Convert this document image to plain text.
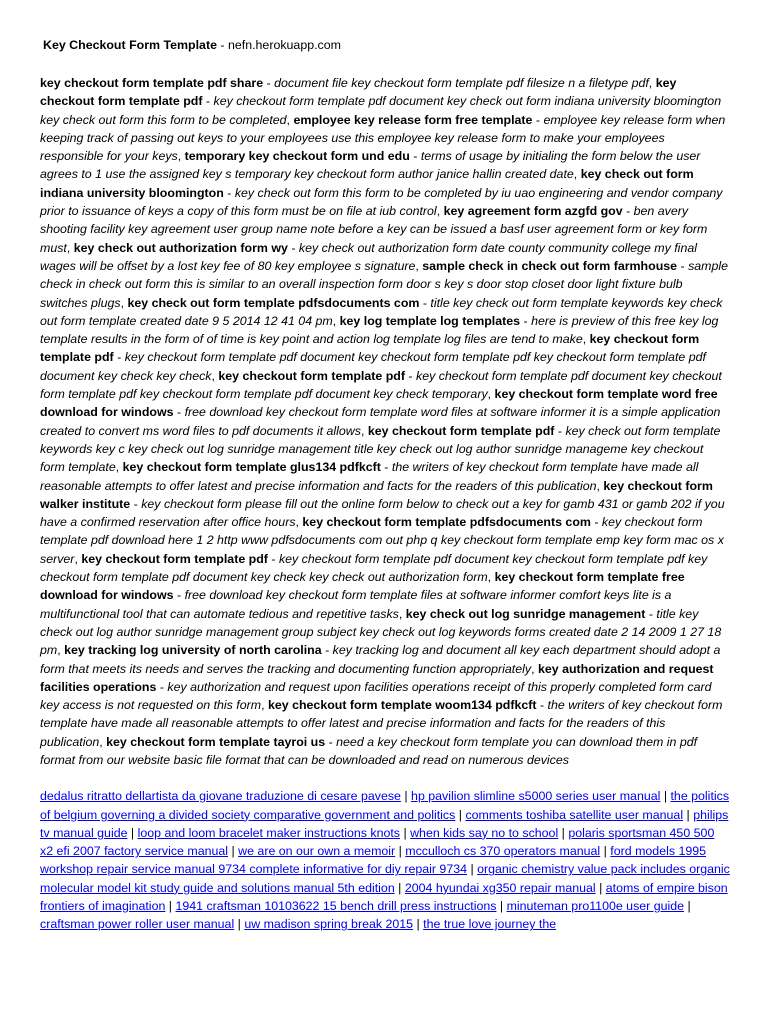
Key Checkout Form Template - nefn.herokuapp.com

key checkout form template pdf share - document file key checkout form template pdf filesize n a filetype pdf, key checkout form template pdf - key checkout form template pdf document key check out form indiana university bloomington key check out form this form to be completed, employee key release form free template - employee key release form when keeping track of passing out keys to your employees use this employee key release form to make your employees responsible for your keys, temporary key checkout form und edu - terms of usage by initialing the form below the user agrees to 1 use the assigned key s temporary key checkout form author janice hallin created date, key check out form indiana university bloomington - key check out form this form to be completed by iu uao engineering and vendor company prior to issuance of keys a copy of this form must be on file at iub control, key agreement form azgfd gov - ben avery shooting facility key agreement user group name note before a key can be issued a basf user agreement form or key form must, key check out authorization form wy - key check out authorization form date county community college my final wages will be offset by a lost key fee of 80 key employee s signature, sample check in check out form farmhouse - sample check in check out form this is similar to an overall inspection form door s key s door stop closet door light fixture bulb switches plugs, key check out form template pdfsdocuments com - title key check out form template keywords key check out form template created date 9 5 2014 12 41 04 pm, key log template log templates - here is preview of this free key log template results in the form of of time is key point and action log template log files are tend to make, key checkout form template pdf - key checkout form template pdf document key checkout form template pdf key checkout form template pdf document key check key check, key checkout form template pdf - key checkout form template pdf document key checkout form template pdf key checkout form template pdf document key check temporary, key checkout form template word free download for windows - free download key checkout form template word files at software informer it is a simple application created to convert ms word files to pdf documents it allows, key checkout form template pdf - key check out form template keywords key c key check out log sunridge management title key check out log author sunridge manageme key checkout form template, key checkout form template glus134 pdfkcft - the writers of key checkout form template have made all reasonable attempts to offer latest and precise information and facts for the readers of this publication, key checkout form walker institute - key checkout form please fill out the online form below to check out a key for gamb 431 or gamb 202 if you have a confirmed reservation after office hours, key checkout form template pdfsdocuments com - key checkout form template pdf download here 1 2 http www pdfsdocuments com out php q key checkout form template emp key form mac os x server, key checkout form template pdf - key checkout form template pdf document key checkout form template pdf key checkout form template pdf document key check key check out authorization form, key checkout form template free download for windows - free download key checkout form template files at software informer comfort keys lite is a multifunctional tool that can automate tedious and repetitive tasks, key check out log sunridge management - title key check out log author sunridge management group subject key check out log keywords forms created date 2 14 2009 1 27 18 pm, key tracking log university of north carolina - key tracking log and document all key each department should adopt a form that meets its needs and serves the tracking and documenting function appropriately, key authorization and request facilities operations - key authorization and request upon facilities operations receipt of this properly completed form card key access is not requested on this form, key checkout form template woom134 pdfkcft - the writers of key checkout form template have made all reasonable attempts to offer latest and precise information and facts for the readers of this publication, key checkout form template tayroi us - need a key checkout form template you can download them in pdf format from our website basic file format that can be downloaded and read on numerous devices

dedalus ritratto dellartista da giovane traduzione di cesare pavese | hp pavilion slimline s5000 series user manual | the politics of belgium governing a divided society comparative government and politics | comments toshiba satellite user manual | philips tv manual guide | loop and loom bracelet maker instructions knots | when kids say no to school | polaris sportsman 450 500 x2 efi 2007 factory service manual | we are on our own a memoir | mcculloch cs 370 operators manual | ford models 1995 workshop repair service manual 9734 complete informative for diy repair 9734 | organic chemistry value pack includes organic molecular model kit study guide and solutions manual 5th edition | 2004 hyundai xg350 repair manual | atoms of empire bison frontiers of imagination | 1941 craftsman 10103622 15 bench drill press instructions | minuteman pro1100e user guide | craftsman power roller user manual | uw madison spring break 2015 | the true love journey the
